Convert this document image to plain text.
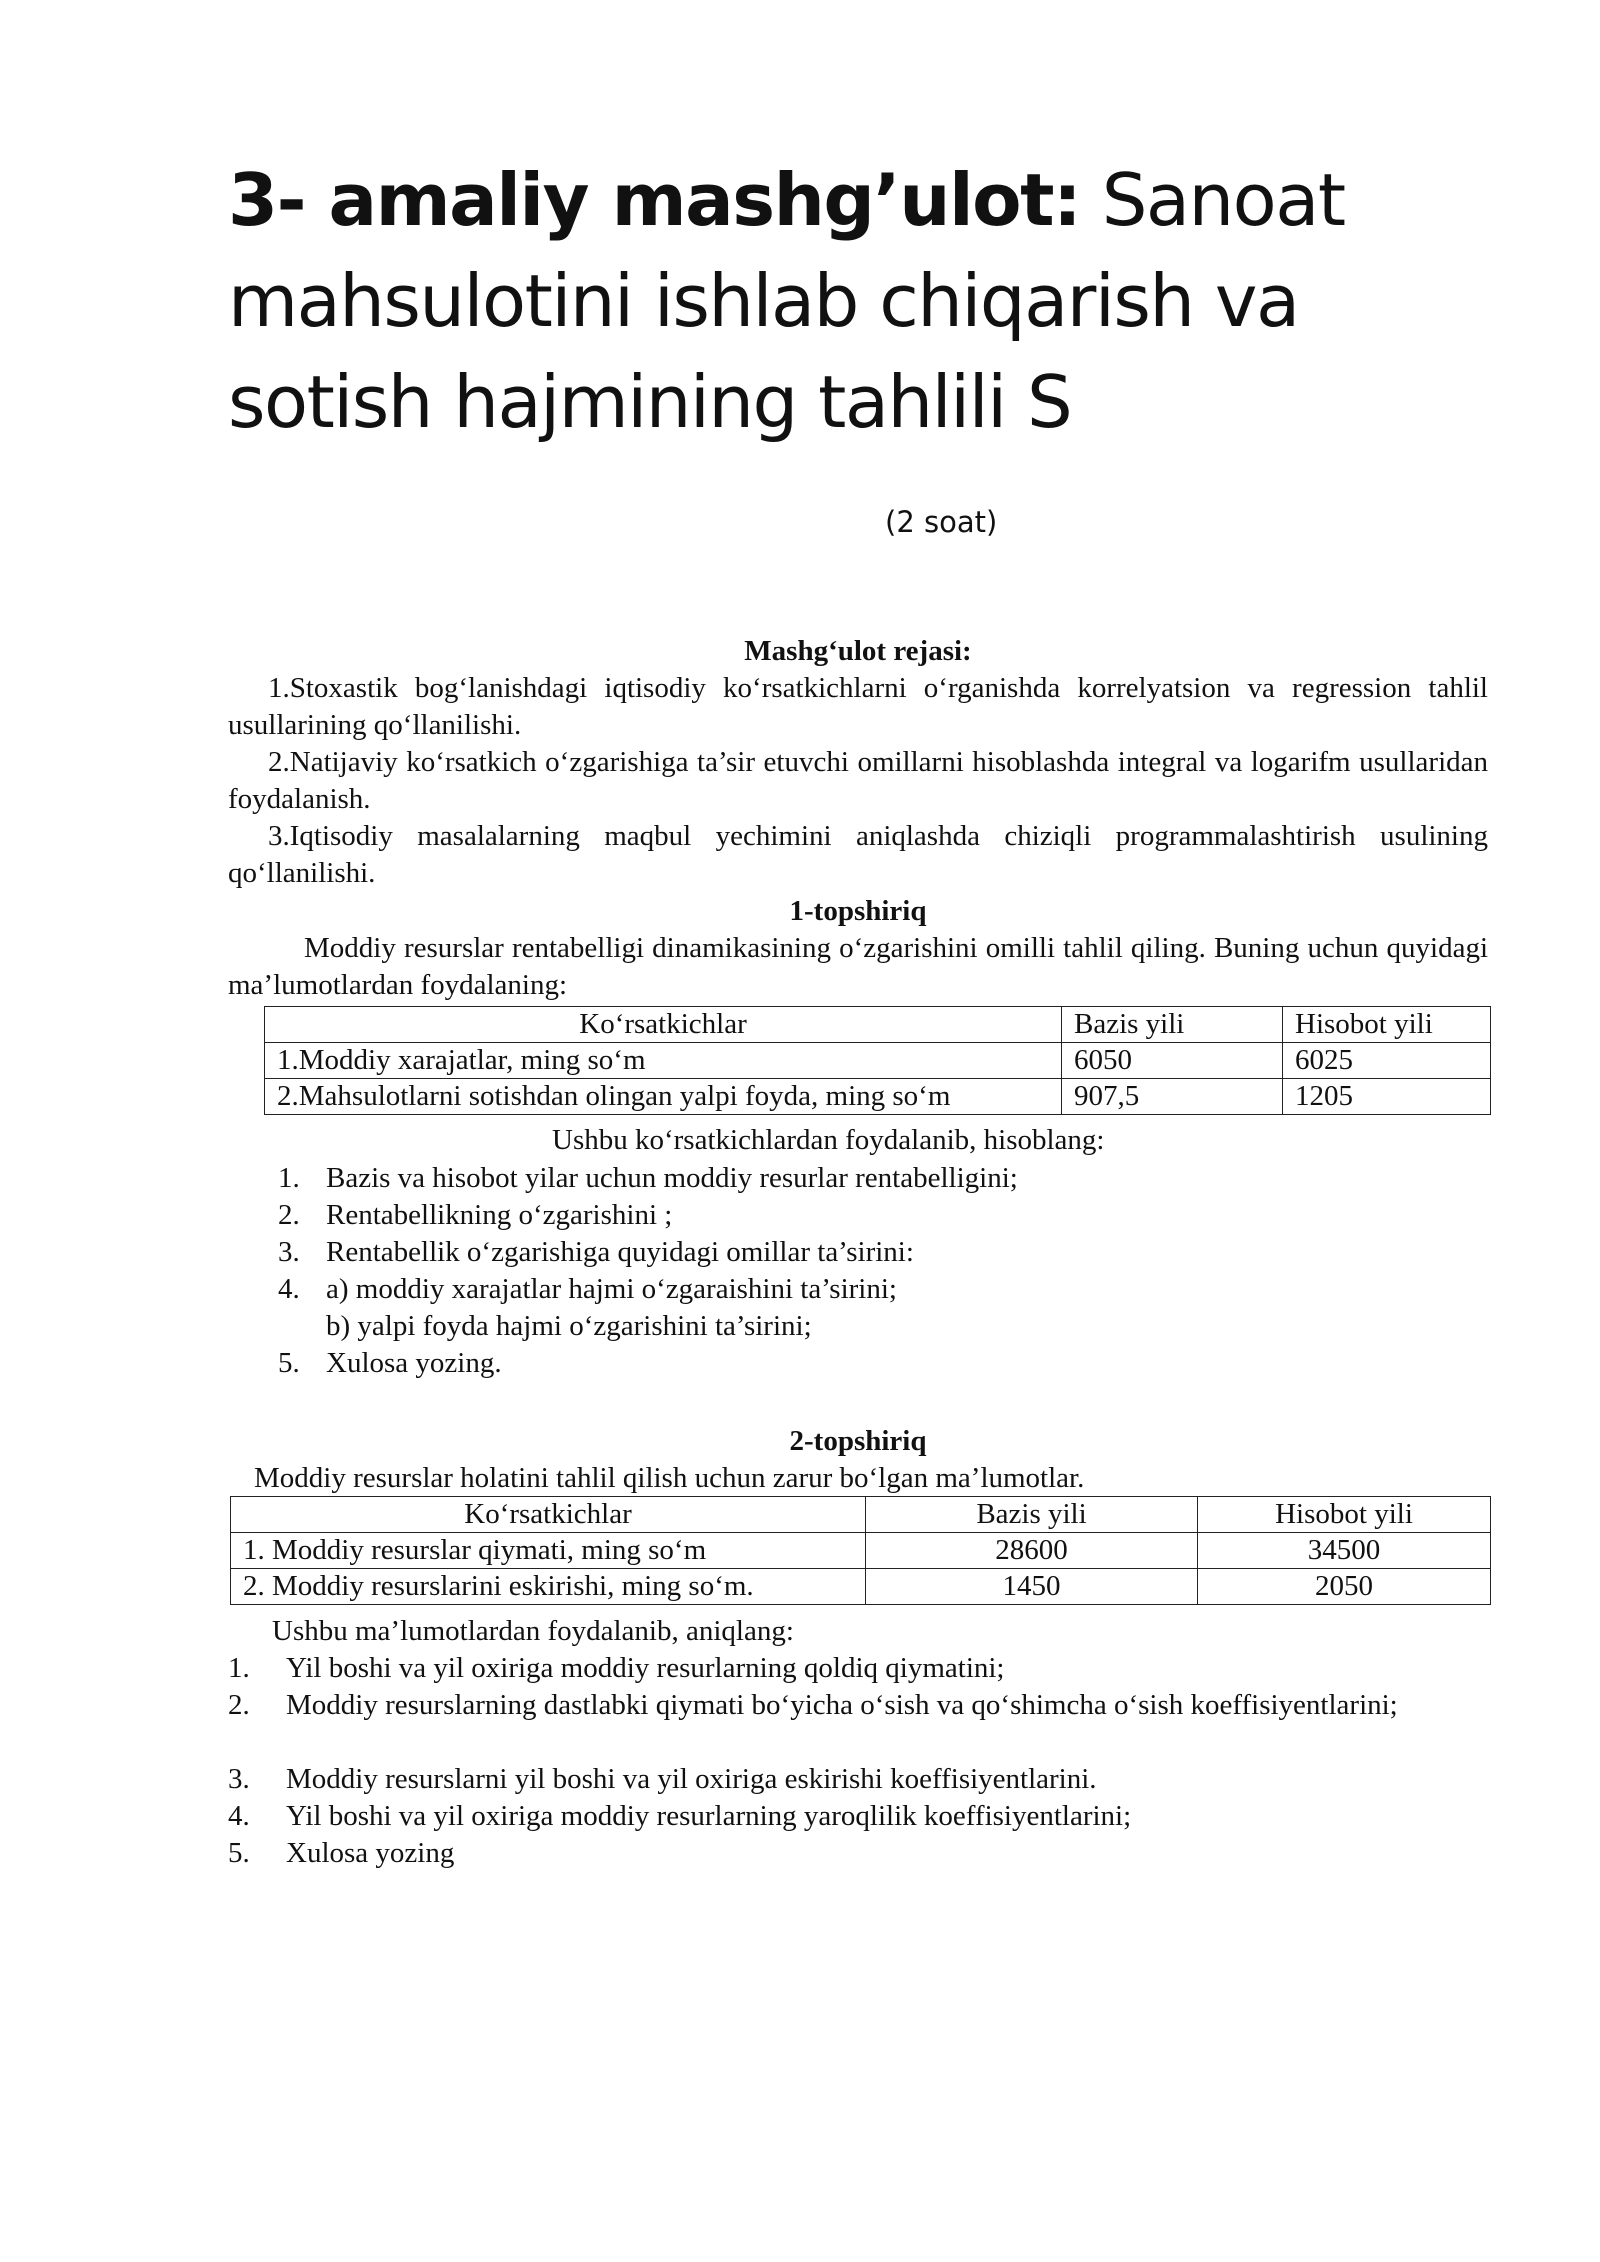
3- amaliy mashg’ulot: Sanoat
mahsulotini ishlab chiqarish va
sotish hajmining tahlili S
(2 soat)
Mashg‘ulot rejasi:
1.Stoxastik bog‘lanishdagi iqtisodiy ko‘rsatkichlarni o‘rganishda korrelyatsion va regression tahlil usullarining qo‘llanilishi.
2.Natijaviy ko‘rsatkich o‘zgarishiga ta’sir etuvchi omillarni hisoblashda integral va logarifm usullaridan foydalanish.
3.Iqtisodiy masalalarning maqbul yechimini aniqlashda chiziqli programmalashtirish usulining qo‘llanilishi.
1-topshiriq
Moddiy resurslar rentabelligi dinamikasining o‘zgarishini omilli tahlil qiling. Buning uchun quyidagi ma’lumotlardan foydalaning:
Ko‘rsatkichlar	Bazis yili	Hisobot yili
1.Moddiy xarajatlar, ming so‘m	6050	6025
2.Mahsulotlarni sotishdan olingan yalpi foyda, ming so‘m	907,5	1205
Ushbu ko‘rsatkichlardan foydalanib, hisoblang:
1. Bazis va hisobot yilar uchun moddiy resurlar rentabelligini;
2. Rentabellikning o‘zgarishini ;
3. Rentabellik o‘zgarishiga quyidagi omillar ta’sirini:
4. a) moddiy xarajatlar hajmi o‘zgaraishini ta’sirini;
b) yalpi foyda hajmi o‘zgarishini ta’sirini;
5. Xulosa yozing.
2-topshiriq
Moddiy resurslar holatini tahlil qilish uchun zarur bo‘lgan ma’lumotlar.
Ko‘rsatkichlar	Bazis yili	Hisobot yili
1. Moddiy resurslar qiymati, ming so‘m	28600	34500
2. Moddiy resurslarini eskirishi, ming so‘m.	1450	2050
Ushbu ma’lumotlardan foydalanib, aniqlang:
1. Yil boshi va yil oxiriga moddiy resurlarning qoldiq qiymatini;
2.	Moddiy resurslarning dastlabki qiymati bo‘yicha o‘sish va qo‘shimcha o‘sish koeffisiyentlarini;
3. Moddiy resurslarni yil boshi va yil oxiriga eskirishi koeffisiyentlarini.
4. Yil boshi va yil oxiriga moddiy resurlarning yaroqlilik koeffisiyentlarini;
5. Xulosa yozing
